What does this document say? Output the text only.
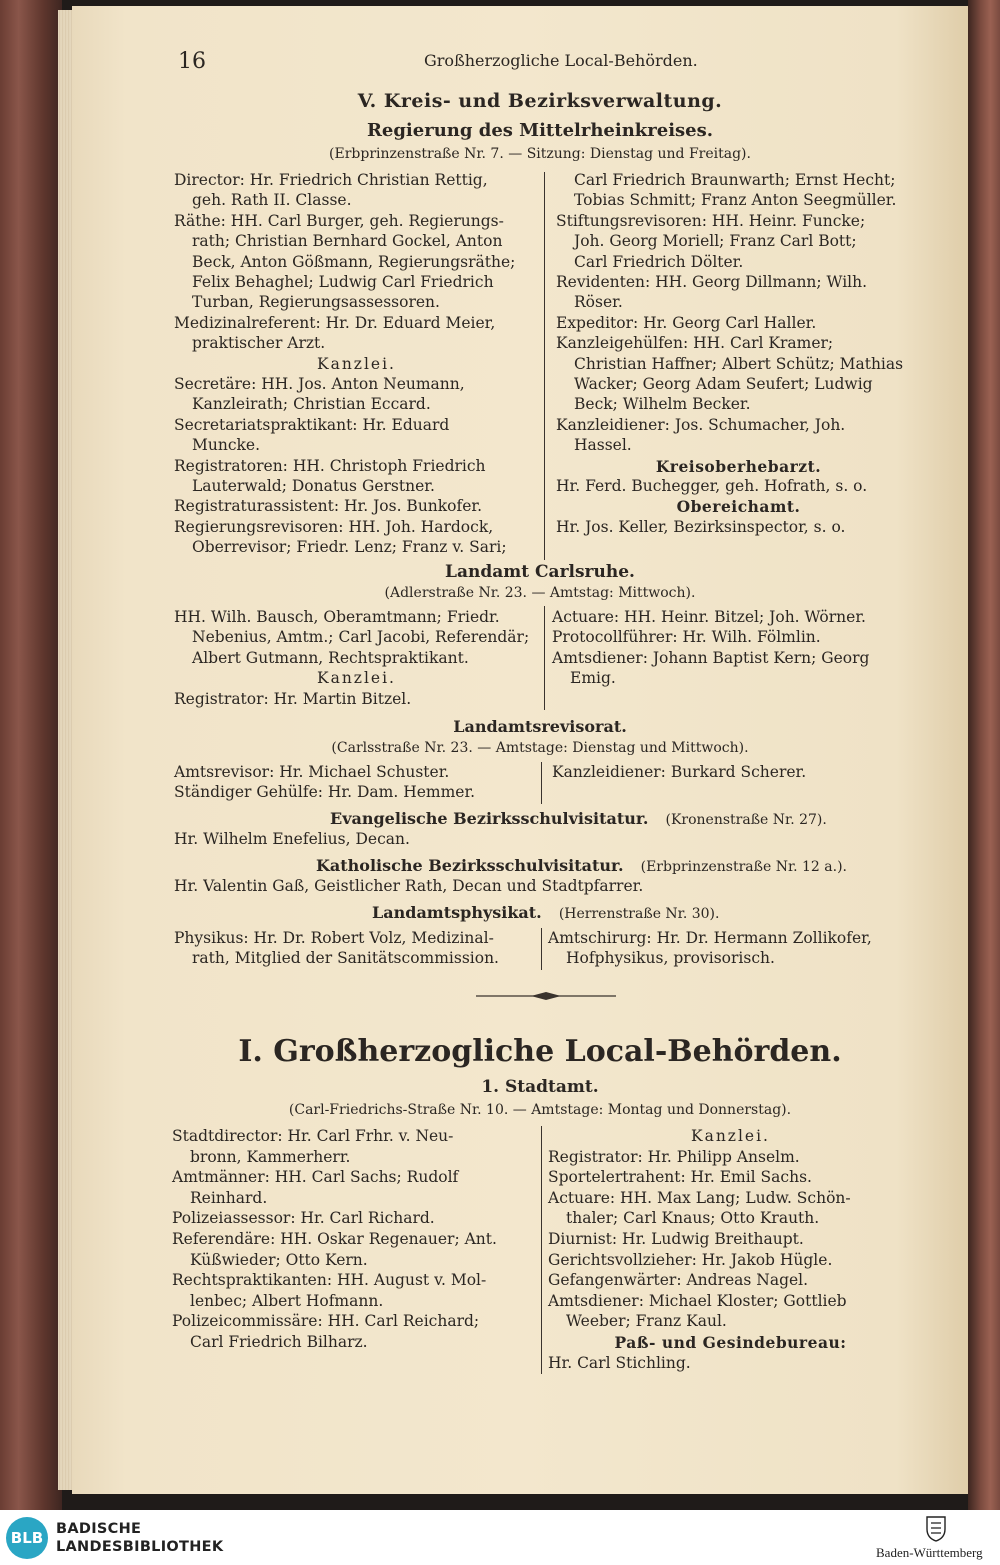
16	Großherzogliche Local-Behörden.
V. Kreis- und Bezirksverwaltung.
Regierung des Mittelrheinkreises.
(Erbprinzenstraße Nr. 7. — Sitzung: Dienstag und Freitag).
Director: Hr. Friedrich Christian Rettig,
geh. Rath II. Classe.
Räthe: HH. Carl Burger, geh. Regierungs-
rath; Christian Bernhard Gockel, Anton
Beck, Anton Gößmann, Regierungsräthe;
Felix Behaghel; Ludwig Carl Friedrich
Turban, Regierungsassessoren.
Medizinalreferent: Hr. Dr. Eduard Meier,
praktischer Arzt.
Kanzlei.
Secretäre: HH. Jos. Anton Neumann,
Kanzleirath; Christian Eccard.
Secretariatspraktikant: Hr. Eduard
Muncke.
Registratoren: HH. Christoph Friedrich
Lauterwald; Donatus Gerstner.
Registraturassistent: Hr. Jos. Bunkofer.
Regierungsrevisoren: HH. Joh. Hardock,
Oberrevisor; Friedr. Lenz; Franz v. Sari;
Carl Friedrich Braunwarth; Ernst Hecht;
Tobias Schmitt; Franz Anton Seegmüller.
Stiftungsrevisoren: HH. Heinr. Funcke;
Joh. Georg Moriell; Franz Carl Bott;
Carl Friedrich Dölter.
Revidenten: HH. Georg Dillmann; Wilh.
Röser.
Expeditor: Hr. Georg Carl Haller.
Kanzleigehülfen: HH. Carl Kramer;
Christian Haffner; Albert Schütz; Mathias
Wacker; Georg Adam Seufert; Ludwig
Beck; Wilhelm Becker.
Kanzleidiener: Jos. Schumacher, Joh.
Hassel.
Kreisoberhebarzt.
Hr. Ferd. Buchegger, geh. Hofrath, s. o.
Obereichamt.
Hr. Jos. Keller, Bezirksinspector, s. o.
Landamt Carlsruhe.
(Adlerstraße Nr. 23. — Amtstag: Mittwoch).
HH. Wilh. Bausch, Oberamtmann; Friedr.
Nebenius, Amtm.; Carl Jacobi, Referendär;
Albert Gutmann, Rechtspraktikant.
Kanzlei.
Registrator: Hr. Martin Bitzel.
Actuare: HH. Heinr. Bitzel; Joh. Wörner.
Protocollführer: Hr. Wilh. Fölmlin.
Amtsdiener: Johann Baptist Kern; Georg
Emig.
Landamtsrevisorat.
(Carlsstraße Nr. 23. — Amtstage: Dienstag und Mittwoch).
Amtsrevisor: Hr. Michael Schuster.
Ständiger Gehülfe: Hr. Dam. Hemmer.
Kanzleidiener: Burkard Scherer.
Evangelische Bezirksschulvisitatur. (Kronenstraße Nr. 27).
Hr. Wilhelm Enefelius, Decan.
Katholische Bezirksschulvisitatur. (Erbprinzenstraße Nr. 12 a.).
Hr. Valentin Gaß, Geistlicher Rath, Decan und Stadtpfarrer.
Landamtsphysikat. (Herrenstraße Nr. 30).
Physikus: Hr. Dr. Robert Volz, Medizinal-
rath, Mitglied der Sanitätscommission.
Amtschirurg: Hr. Dr. Hermann Zollikofer,
Hofphysikus, provisorisch.
I. Großherzogliche Local-Behörden.
1. Stadtamt.
(Carl-Friedrichs-Straße Nr. 10. — Amtstage: Montag und Donnerstag).
Stadtdirector: Hr. Carl Frhr. v. Neu-
bronn, Kammerherr.
Amtmänner: HH. Carl Sachs; Rudolf
Reinhard.
Polizeiassessor: Hr. Carl Richard.
Referendäre: HH. Oskar Regenauer; Ant.
Küßwieder; Otto Kern.
Rechtspraktikanten: HH. August v. Mol-
lenbec; Albert Hofmann.
Polizeicommissäre: HH. Carl Reichard;
Carl Friedrich Bilharz.
Kanzlei.
Registrator: Hr. Philipp Anselm.
Sportelertrahent: Hr. Emil Sachs.
Actuare: HH. Max Lang; Ludw. Schön-
thaler; Carl Knaus; Otto Krauth.
Diurnist: Hr. Ludwig Breithaupt.
Gerichtsvollzieher: Hr. Jakob Hügle.
Gefangenwärter: Andreas Nagel.
Amtsdiener: Michael Kloster; Gottlieb
Weeber; Franz Kaul.
Paß- und Gesindebureau:
Hr. Carl Stichling.
BLB BADISCHE
LANDESBIBLIOTHEK	Baden-Württemberg
